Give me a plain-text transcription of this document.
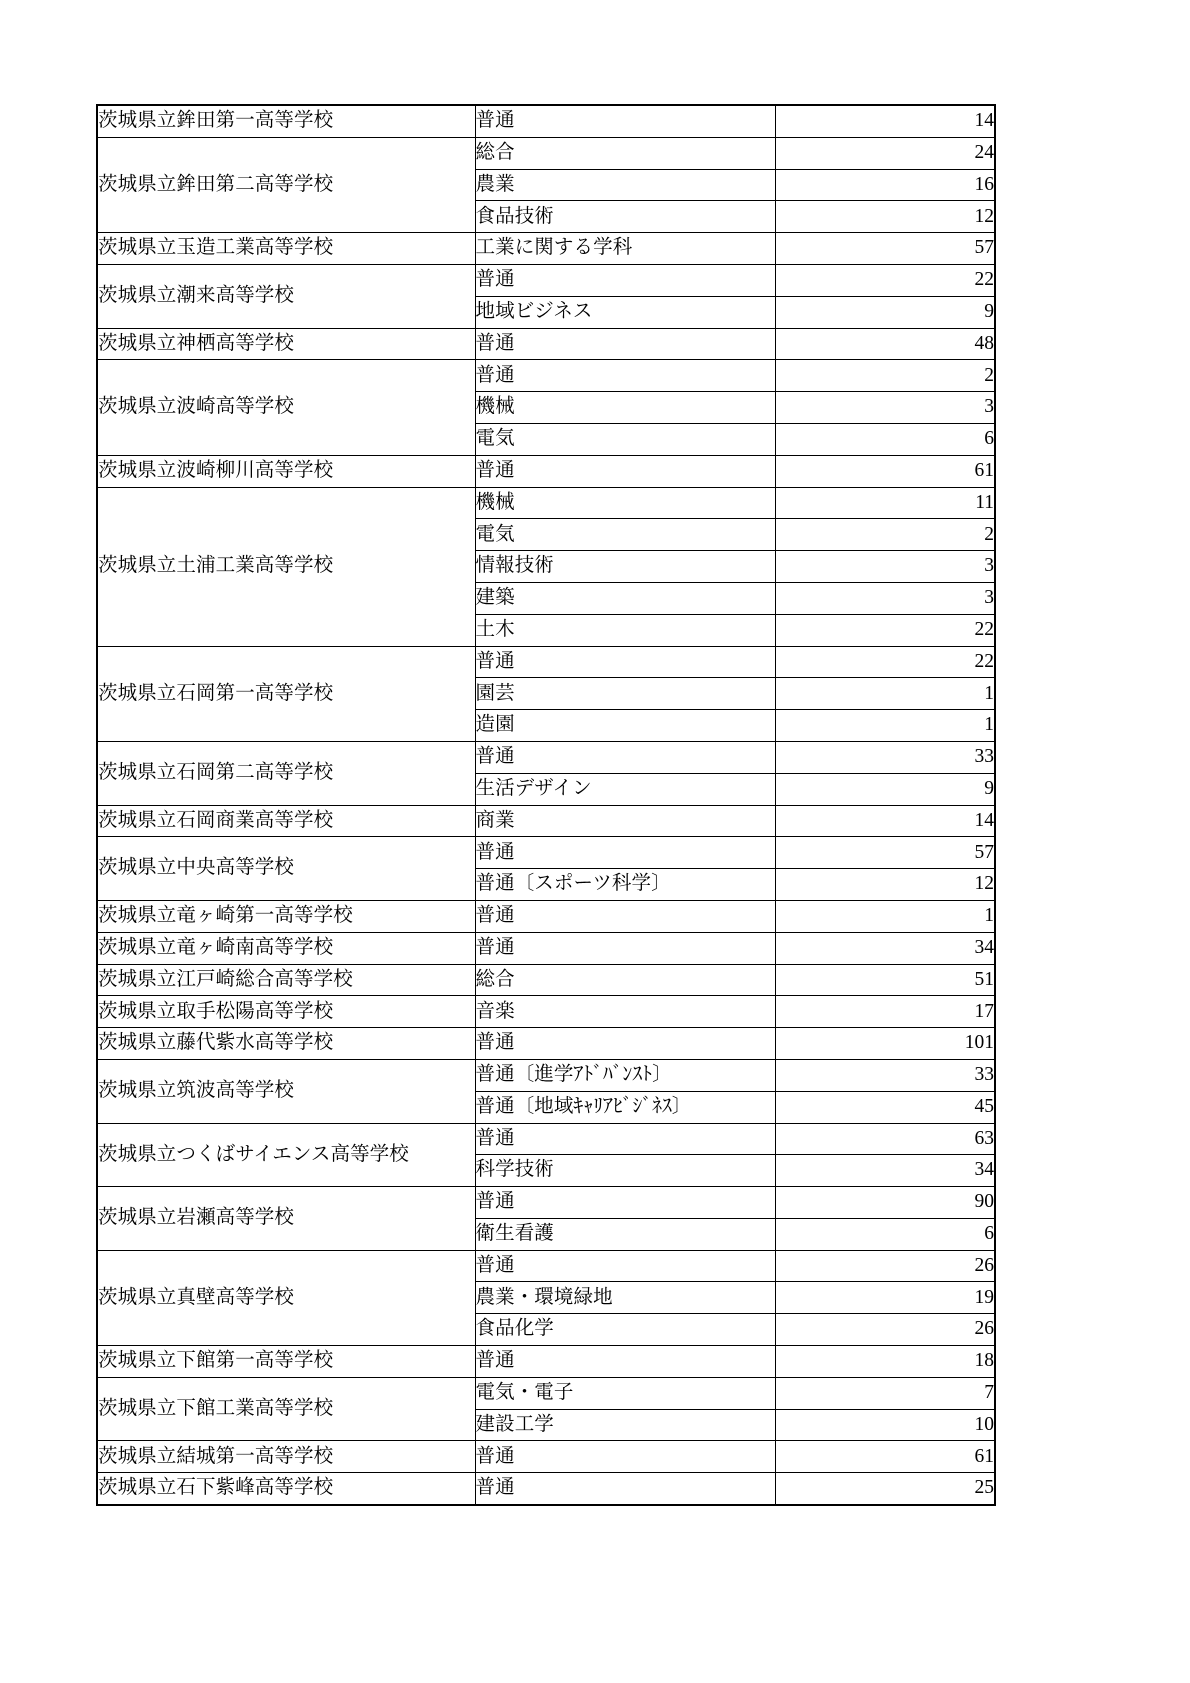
茨城県立鉾田第一高等学校	普通	14
茨城県立鉾田第二高等学校	総合	24
	農業	16
	食品技術	12
茨城県立玉造工業高等学校	工業に関する学科	57
茨城県立潮来高等学校	普通	22
	地域ビジネス	9
茨城県立神栖高等学校	普通	48
茨城県立波崎高等学校	普通	2
	機械	3
	電気	6
茨城県立波崎柳川高等学校	普通	61
茨城県立土浦工業高等学校	機械	11
	電気	2
	情報技術	3
	建築	3
	土木	22
茨城県立石岡第一高等学校	普通	22
	園芸	1
	造園	1
茨城県立石岡第二高等学校	普通	33
	生活デザイン	9
茨城県立石岡商業高等学校	商業	14
茨城県立中央高等学校	普通	57
	普通〔スポーツ科学〕	12
茨城県立竜ヶ崎第一高等学校	普通	1
茨城県立竜ヶ崎南高等学校	普通	34
茨城県立江戸崎総合高等学校	総合	51
茨城県立取手松陽高等学校	音楽	17
茨城県立藤代紫水高等学校	普通	101
茨城県立筑波高等学校	普通〔進学ｱﾄﾞﾊﾞﾝｽﾄ〕	33
	普通〔地域ｷｬﾘｱﾋﾞｼﾞﾈｽ〕	45
茨城県立つくばサイエンス高等学校	普通	63
	科学技術	34
茨城県立岩瀬高等学校	普通	90
	衛生看護	6
茨城県立真壁高等学校	普通	26
	農業・環境緑地	19
	食品化学	26
茨城県立下館第一高等学校	普通	18
茨城県立下館工業高等学校	電気・電子	7
	建設工学	10
茨城県立結城第一高等学校	普通	61
茨城県立石下紫峰高等学校	普通	25
